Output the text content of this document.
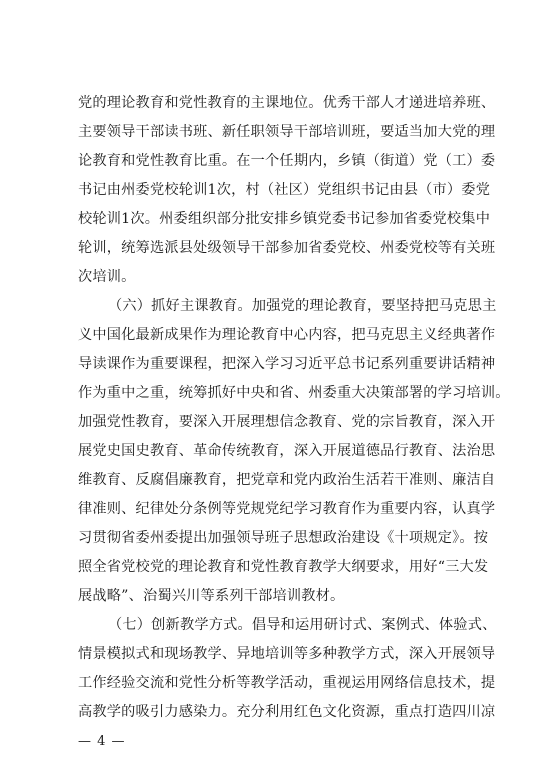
党的理论教育和党性教育的主课地位。优秀干部人才递进培养班、
主要领导干部读书班、新任职领导干部培训班，要适当加大党的理
论教育和党性教育比重。在一个任期内，乡镇（街道）党（工）委
书记由州委党校轮训1次，村（社区）党组织书记由县（市）委党
校轮训1次。州委组织部分批安排乡镇党委书记参加省委党校集中
轮训，统筹选派县处级领导干部参加省委党校、州委党校等有关班
次培训。
（六）抓好主课教育。加强党的理论教育，要坚持把马克思主
义中国化最新成果作为理论教育中心内容，把马克思主义经典著作
导读课作为重要课程，把深入学习习近平总书记系列重要讲话精神
作为重中之重，统筹抓好中央和省、州委重大决策部署的学习培训。
加强党性教育，要深入开展理想信念教育、党的宗旨教育，深入开
展党史国史教育、革命传统教育，深入开展道德品行教育、法治思
维教育、反腐倡廉教育，把党章和党内政治生活若干准则、廉洁自
律准则、纪律处分条例等党规党纪学习教育作为重要内容，认真学
习贯彻省委州委提出加强领导班子思想政治建设《十项规定》。按
照全省党校党的理论教育和党性教育教学大纲要求，用好“三大发
展战略”、治蜀兴川等系列干部培训教材。
（七）创新教学方式。倡导和运用研讨式、案例式、体验式、
情景模拟式和现场教学、异地培训等多种教学方式，深入开展领导
工作经验交流和党性分析等教学活动，重视运用网络信息技术，提
高教学的吸引力感染力。充分利用红色文化资源，重点打造四川凉
— 4 —
